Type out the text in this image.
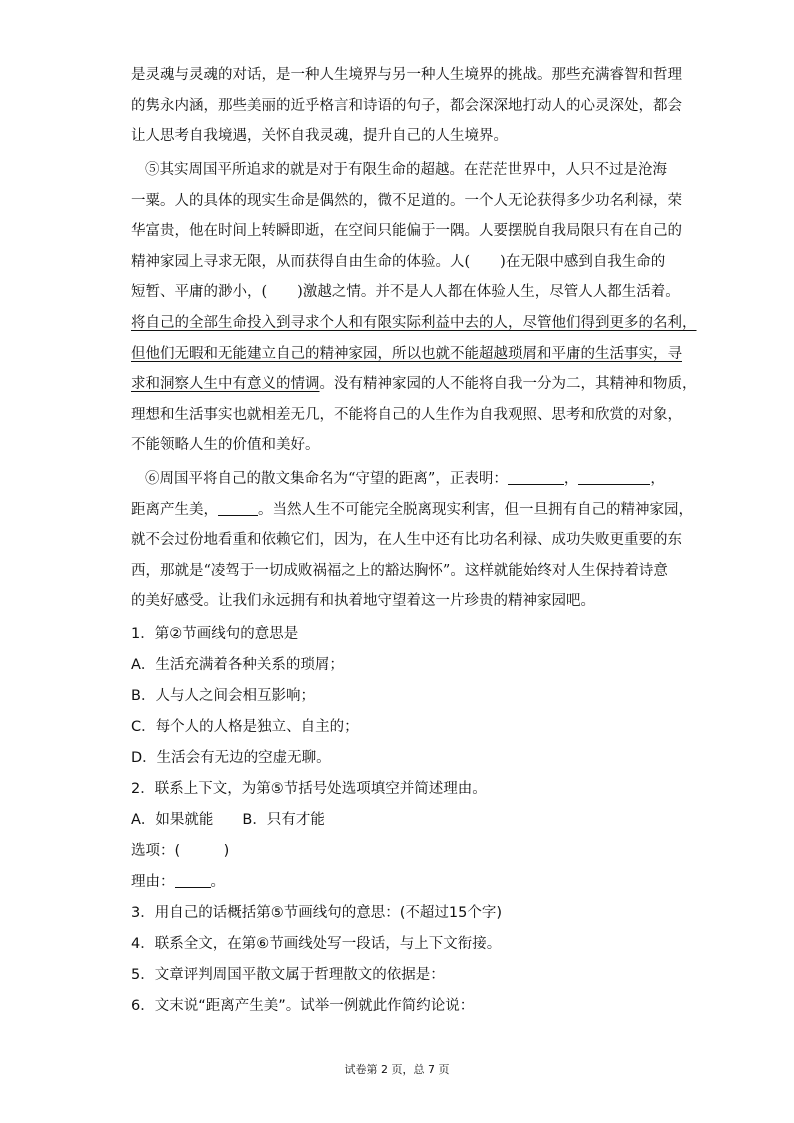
是灵魂与灵魂的对话，是一种人生境界与另一种人生境界的挑战。那些充满睿智和哲理
的隽永内涵，那些美丽的近乎格言和诗语的句子，都会深深地打动人的心灵深处，都会
让人思考自我境遇，关怀自我灵魂，提升自己的人生境界。

⑤其实周国平所追求的就是对于有限生命的超越。在茫茫世界中，人只不过是沧海
一粟。人的具体的现实生命是偶然的，微不足道的。一个人无论获得多少功名利禄，荣
华富贵，他在时间上转瞬即逝，在空间只能偏于一隅。人要摆脱自我局限只有在自己的
精神家园上寻求无限，从而获得自由生命的体验。人( )在无限中感到自我生命的
短暂、平庸的渺小，( )激越之情。并不是人人都在体验人生，尽管人人都生活着。
将自己的全部生命投入到寻求个人和有限实际利益中去的人，尽管他们得到更多的名利，
但他们无暇和无能建立自己的精神家园，所以也就不能超越琐屑和平庸的生活事实，寻
求和洞察人生中有意义的情调。没有精神家园的人不能将自我一分为二，其精神和物质，
理想和生活事实也就相差无几，不能将自己的人生作为自我观照、思考和欣赏的对象，
不能领略人生的价值和美好。

⑥周国平将自己的散文集命名为“守望的距离”，正表明：	，	，
距离产生美，	。当然人生不可能完全脱离现实利害，但一旦拥有自己的精神家园，
就不会过份地看重和依赖它们，因为，在人生中还有比功名利禄、成功失败更重要的东
西，那就是“凌驾于一切成败祸福之上的豁达胸怀”。这样就能始终对人生保持着诗意
的美好感受。让我们永远拥有和执着地守望着这一片珍贵的精神家园吧。

1．第②节画线句的意思是

A．生活充满着各种关系的琐屑；

B．人与人之间会相互影响；

C．每个人的人格是独立、自主的；

D．生活会有无边的空虚无聊。

2．联系上下文，为第⑤节括号处选项填空并简述理由。

A．如果就能　　B．只有才能

选项：(　　　)

理由： 。

3．用自己的话概括第⑤节画线句的意思：(不超过15个字)

4．联系全文，在第⑥节画线处写一段话，与上下文衔接。

5．文章评判周国平散文属于哲理散文的依据是：

6．文末说“距离产生美”。试举一例就此作简约论说：

试卷第 2 页，总 7 页
